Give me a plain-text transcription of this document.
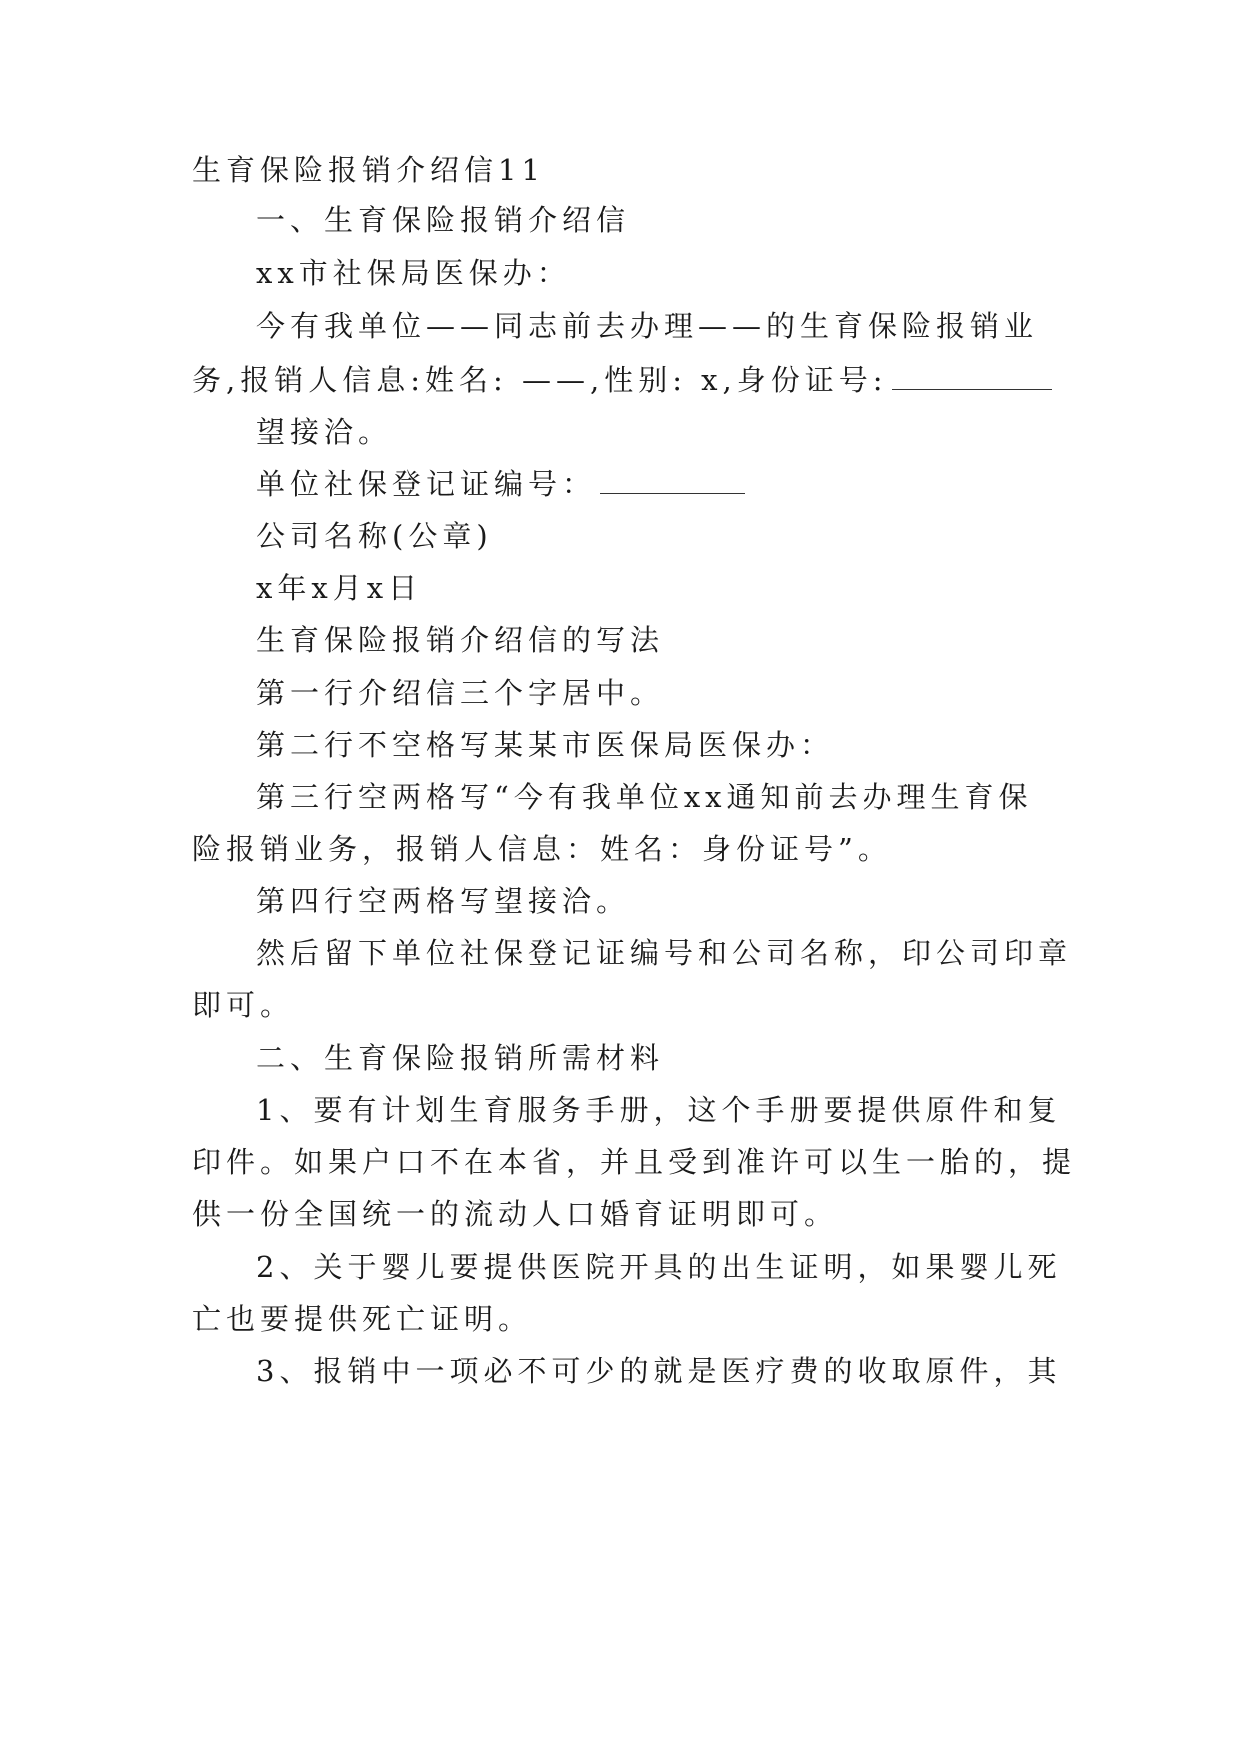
生育保险报销介绍信11
一、生育保险报销介绍信
xx市社保局医保办：
今有我单位——同志前去办理——的生育保险报销业
务,报销人信息:姓名: ——,性别: x,身份证号:
望接洽。
单位社保登记证编号：
公司名称(公章)
x年x月x日
生育保险报销介绍信的写法
第一行介绍信三个字居中。
第二行不空格写某某市医保局医保办：
第三行空两格写“今有我单位xx通知前去办理生育保
险报销业务，报销人信息：姓名：身份证号”。
第四行空两格写望接洽。
然后留下单位社保登记证编号和公司名称，印公司印章
即可。
二、生育保险报销所需材料
1、要有计划生育服务手册，这个手册要提供原件和复
印件。如果户口不在本省，并且受到准许可以生一胎的，提
供一份全国统一的流动人口婚育证明即可。
2、关于婴儿要提供医院开具的出生证明，如果婴儿死
亡也要提供死亡证明。
3、报销中一项必不可少的就是医疗费的收取原件，其
